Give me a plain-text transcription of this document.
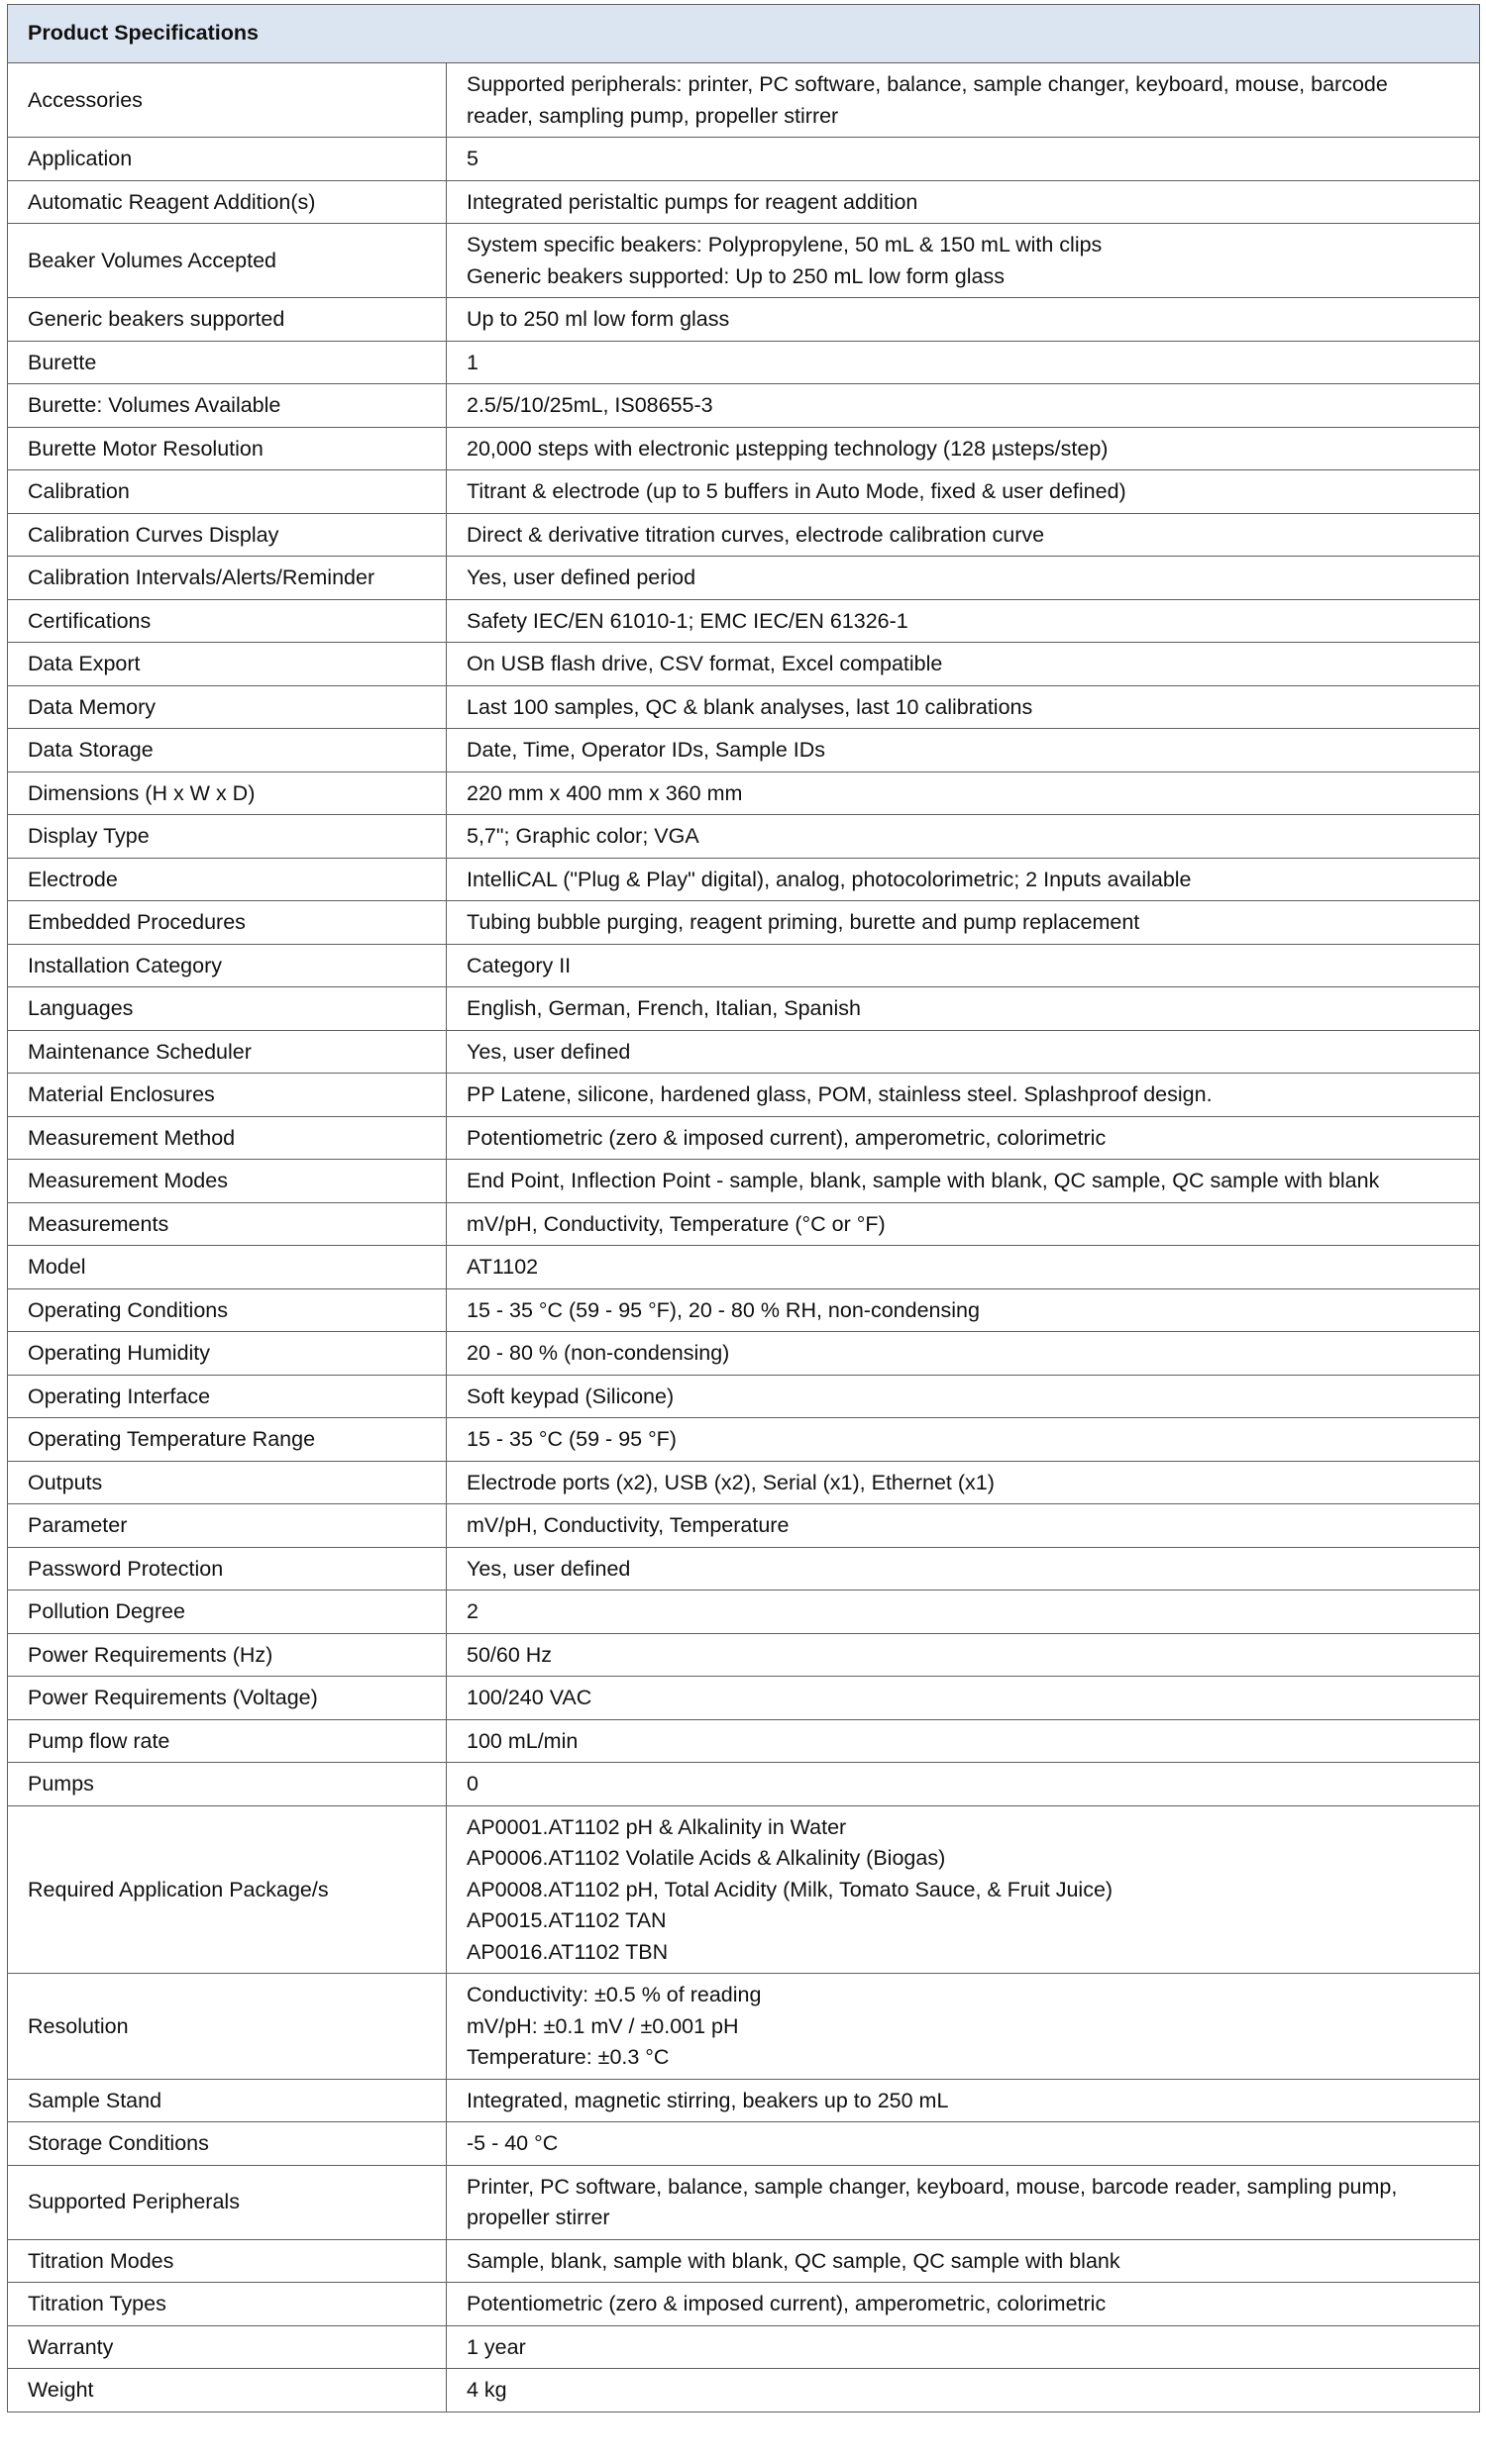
Product Specifications	
Accessories	Supported peripherals: printer, PC software, balance, sample changer, keyboard, mouse, barcode reader, sampling pump, propeller stirrer

Application	5

Automatic Reagent Addition(s)	Integrated peristaltic pumps for reagent addition

Beaker Volumes Accepted	System specific beakers: Polypropylene, 50 mL & 150 mL with clips
Generic beakers supported: Up to 250 mL low form glass

Generic beakers supported	Up to 250 ml low form glass

Burette	1

Burette: Volumes Available	2.5/5/10/25mL, IS08655-3

Burette Motor Resolution	20,000 steps with electronic µstepping technology (128 µsteps/step)

Calibration	Titrant & electrode (up to 5 buffers in Auto Mode, fixed & user defined)

Calibration Curves Display	Direct & derivative titration curves, electrode calibration curve

Calibration Intervals/Alerts/Reminder	Yes, user defined period

Certifications	Safety IEC/EN 61010-1; EMC IEC/EN 61326-1

Data Export	On USB flash drive, CSV format, Excel compatible

Data Memory	Last 100 samples, QC & blank analyses, last 10 calibrations

Data Storage	Date, Time, Operator IDs, Sample IDs

Dimensions (H x W x D)	220 mm x 400 mm x 360 mm

Display Type	5,7"; Graphic color; VGA

Electrode	IntelliCAL ("Plug & Play" digital), analog, photocolorimetric; 2 Inputs available

Embedded Procedures	Tubing bubble purging, reagent priming, burette and pump replacement

Installation Category	Category II

Languages	English, German, French, Italian, Spanish

Maintenance Scheduler	Yes, user defined

Material Enclosures	PP Latene, silicone, hardened glass, POM, stainless steel. Splashproof design.

Measurement Method	Potentiometric (zero & imposed current), amperometric, colorimetric

Measurement Modes	End Point, Inflection Point - sample, blank, sample with blank, QC sample, QC sample with blank

Measurements	mV/pH, Conductivity, Temperature (°C or °F)

Model	AT1102

Operating Conditions	15 - 35 °C (59 - 95 °F), 20 - 80 % RH, non-condensing

Operating Humidity	20 - 80 % (non-condensing)

Operating Interface	Soft keypad (Silicone)

Operating Temperature Range	15 - 35 °C (59 - 95 °F)

Outputs	Electrode ports (x2), USB (x2), Serial (x1), Ethernet (x1)

Parameter	mV/pH, Conductivity, Temperature

Password Protection	Yes, user defined

Pollution Degree	2

Power Requirements (Hz)	50/60 Hz

Power Requirements (Voltage)	100/240 VAC

Pump flow rate	100 mL/min

Pumps	0

Required Application Package/s	AP0001.AT1102 pH & Alkalinity in Water
AP0006.AT1102 Volatile Acids & Alkalinity (Biogas)
AP0008.AT1102 pH, Total Acidity (Milk, Tomato Sauce, & Fruit Juice)
AP0015.AT1102 TAN
AP0016.AT1102 TBN

Resolution	Conductivity: ±0.5 % of reading
mV/pH: ±0.1 mV / ±0.001 pH
Temperature: ±0.3 °C

Sample Stand	Integrated, magnetic stirring, beakers up to 250 mL

Storage Conditions	-5 - 40 °C

Supported Peripherals	Printer, PC software, balance, sample changer, keyboard, mouse, barcode reader, sampling pump, propeller stirrer

Titration Modes	Sample, blank, sample with blank, QC sample, QC sample with blank

Titration Types	Potentiometric (zero & imposed current), amperometric, colorimetric

Warranty	1 year

Weight	4 kg
